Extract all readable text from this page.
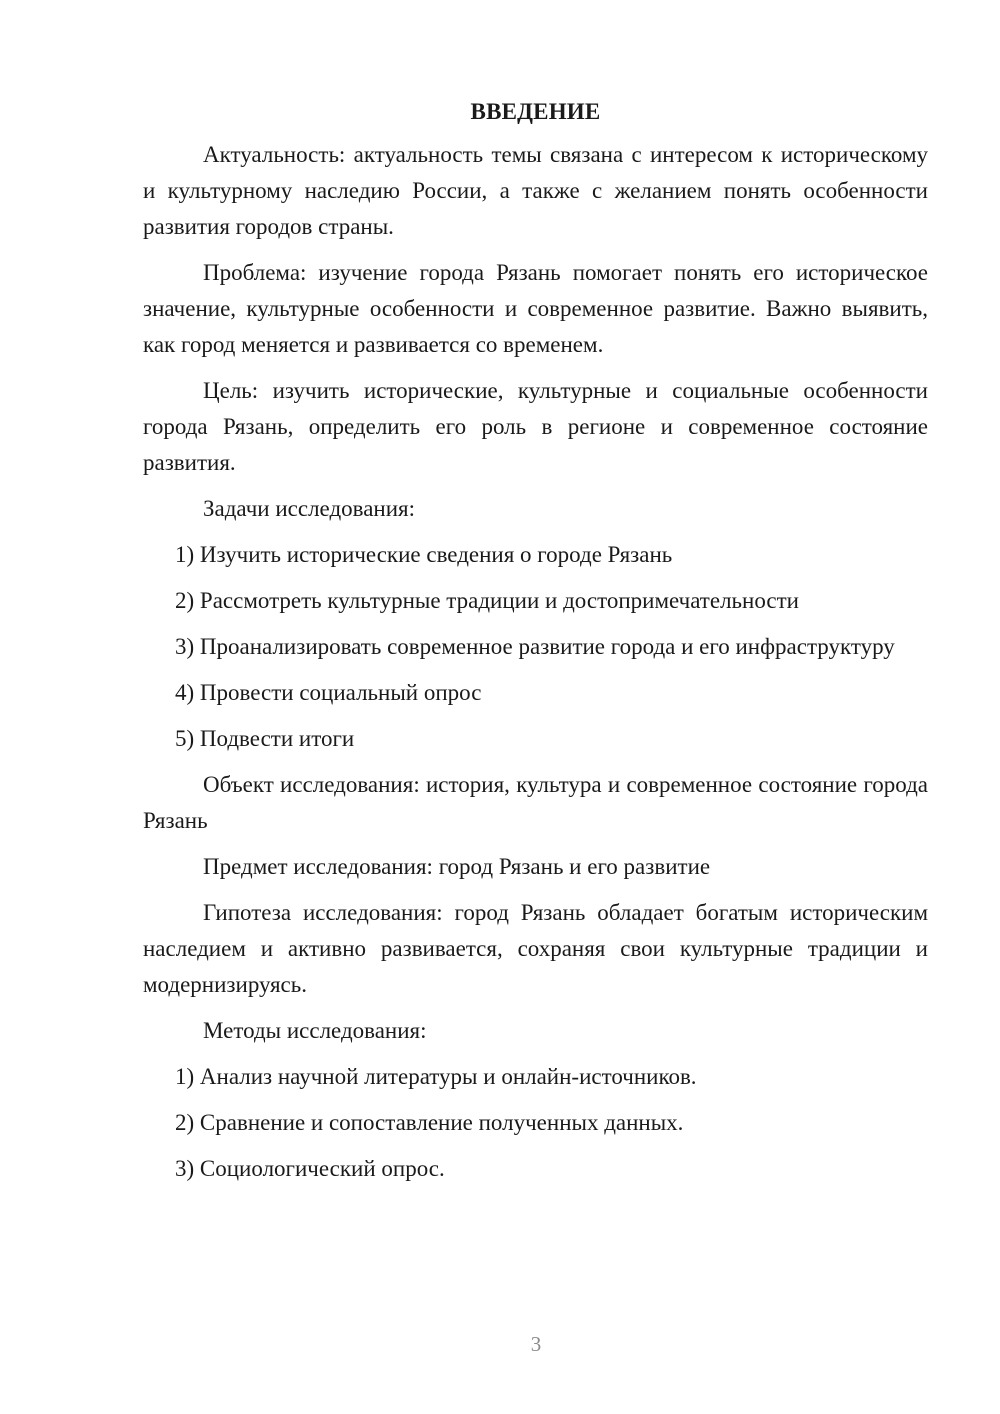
ВВЕДЕНИЕ

Актуальность: актуальность темы связана с интересом к историческому и культурному наследию России, а также с желанием понять особенности развития городов страны.

Проблема: изучение города Рязань помогает понять его историческое значение, культурные особенности и современное развитие. Важно выявить, как город меняется и развивается со временем.

Цель: изучить исторические, культурные и социальные особенности города Рязань, определить его роль в регионе и современное состояние развития.

Задачи исследования:

1) Изучить исторические сведения о городе Рязань

2) Рассмотреть культурные традиции и достопримечательности

3) Проанализировать современное развитие города и его инфраструктуру

4) Провести социальный опрос

5) Подвести итоги

Объект исследования: история, культура и современное состояние города Рязань

Предмет исследования: город Рязань и его развитие

Гипотеза исследования: город Рязань обладает богатым историческим наследием и активно развивается, сохраняя свои культурные традиции и модернизируясь.

Методы исследования:

1) Анализ научной литературы и онлайн-источников.

2) Сравнение и сопоставление полученных данных.

3) Социологический опрос.

3
